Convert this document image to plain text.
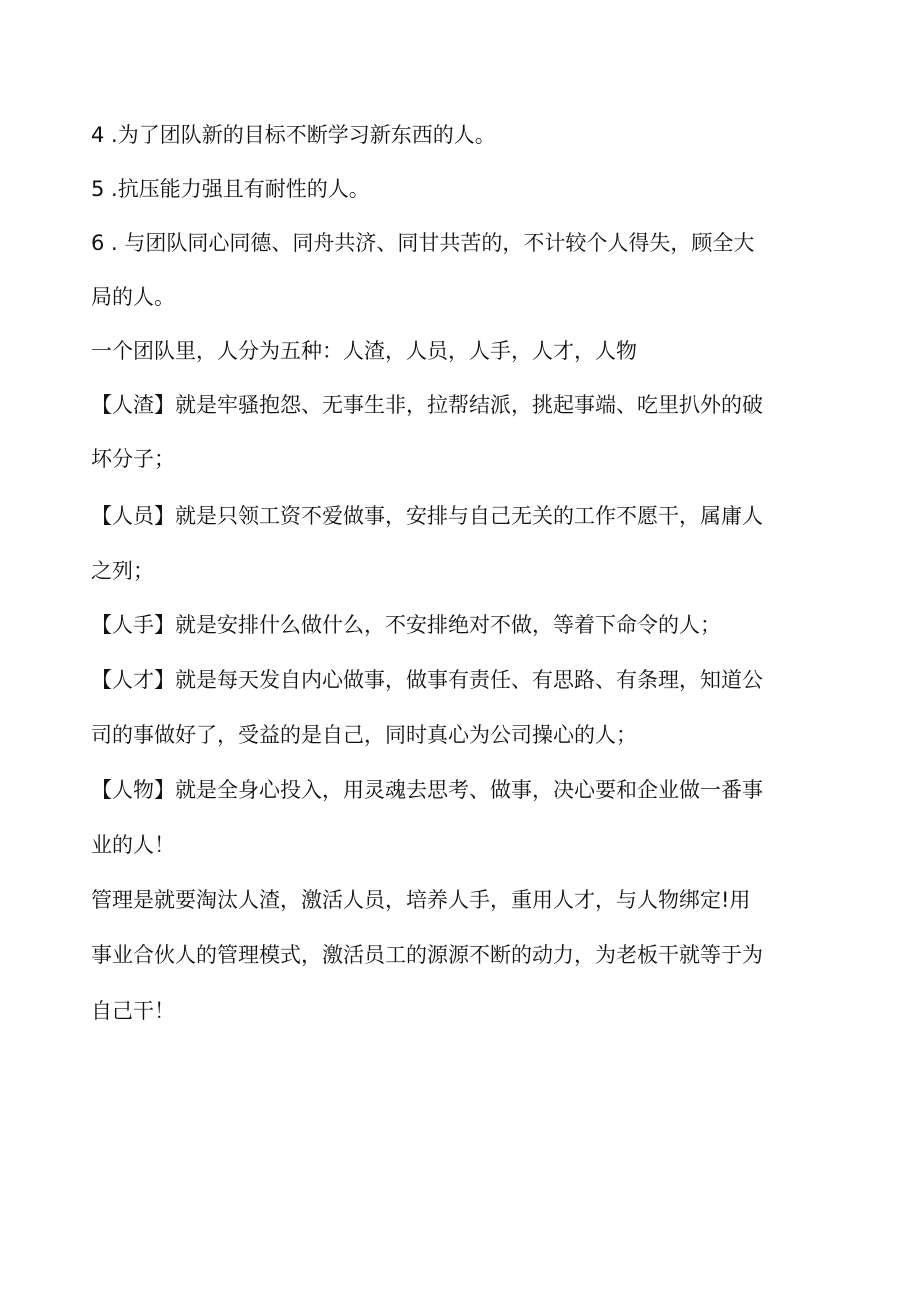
4 .为了团队新的目标不断学习新东西的人。
5 .抗压能力强且有耐性的人。
6 . 与团队同心同德、同舟共济、同甘共苦的，不计较个人得失，顾全大
局的人。
一个团队里，人分为五种：人渣，人员，人手，人才，人物
【人渣】就是牢骚抱怨、无事生非，拉帮结派，挑起事端、吃里扒外的破
坏分子；
【人员】就是只领工资不爱做事，安排与自己无关的工作不愿干，属庸人
之列；
【人手】就是安排什么做什么，不安排绝对不做，等着下命令的人；
【人才】就是每天发自内心做事，做事有责任、有思路、有条理，知道公
司的事做好了，受益的是自己，同时真心为公司操心的人；
【人物】就是全身心投入，用灵魂去思考、做事，决心要和企业做一番事
业的人！
管理是就要淘汰人渣，激活人员，培养人手，重用人才，与人物绑定!用
事业合伙人的管理模式，激活员工的源源不断的动力，为老板干就等于为
自己干！
